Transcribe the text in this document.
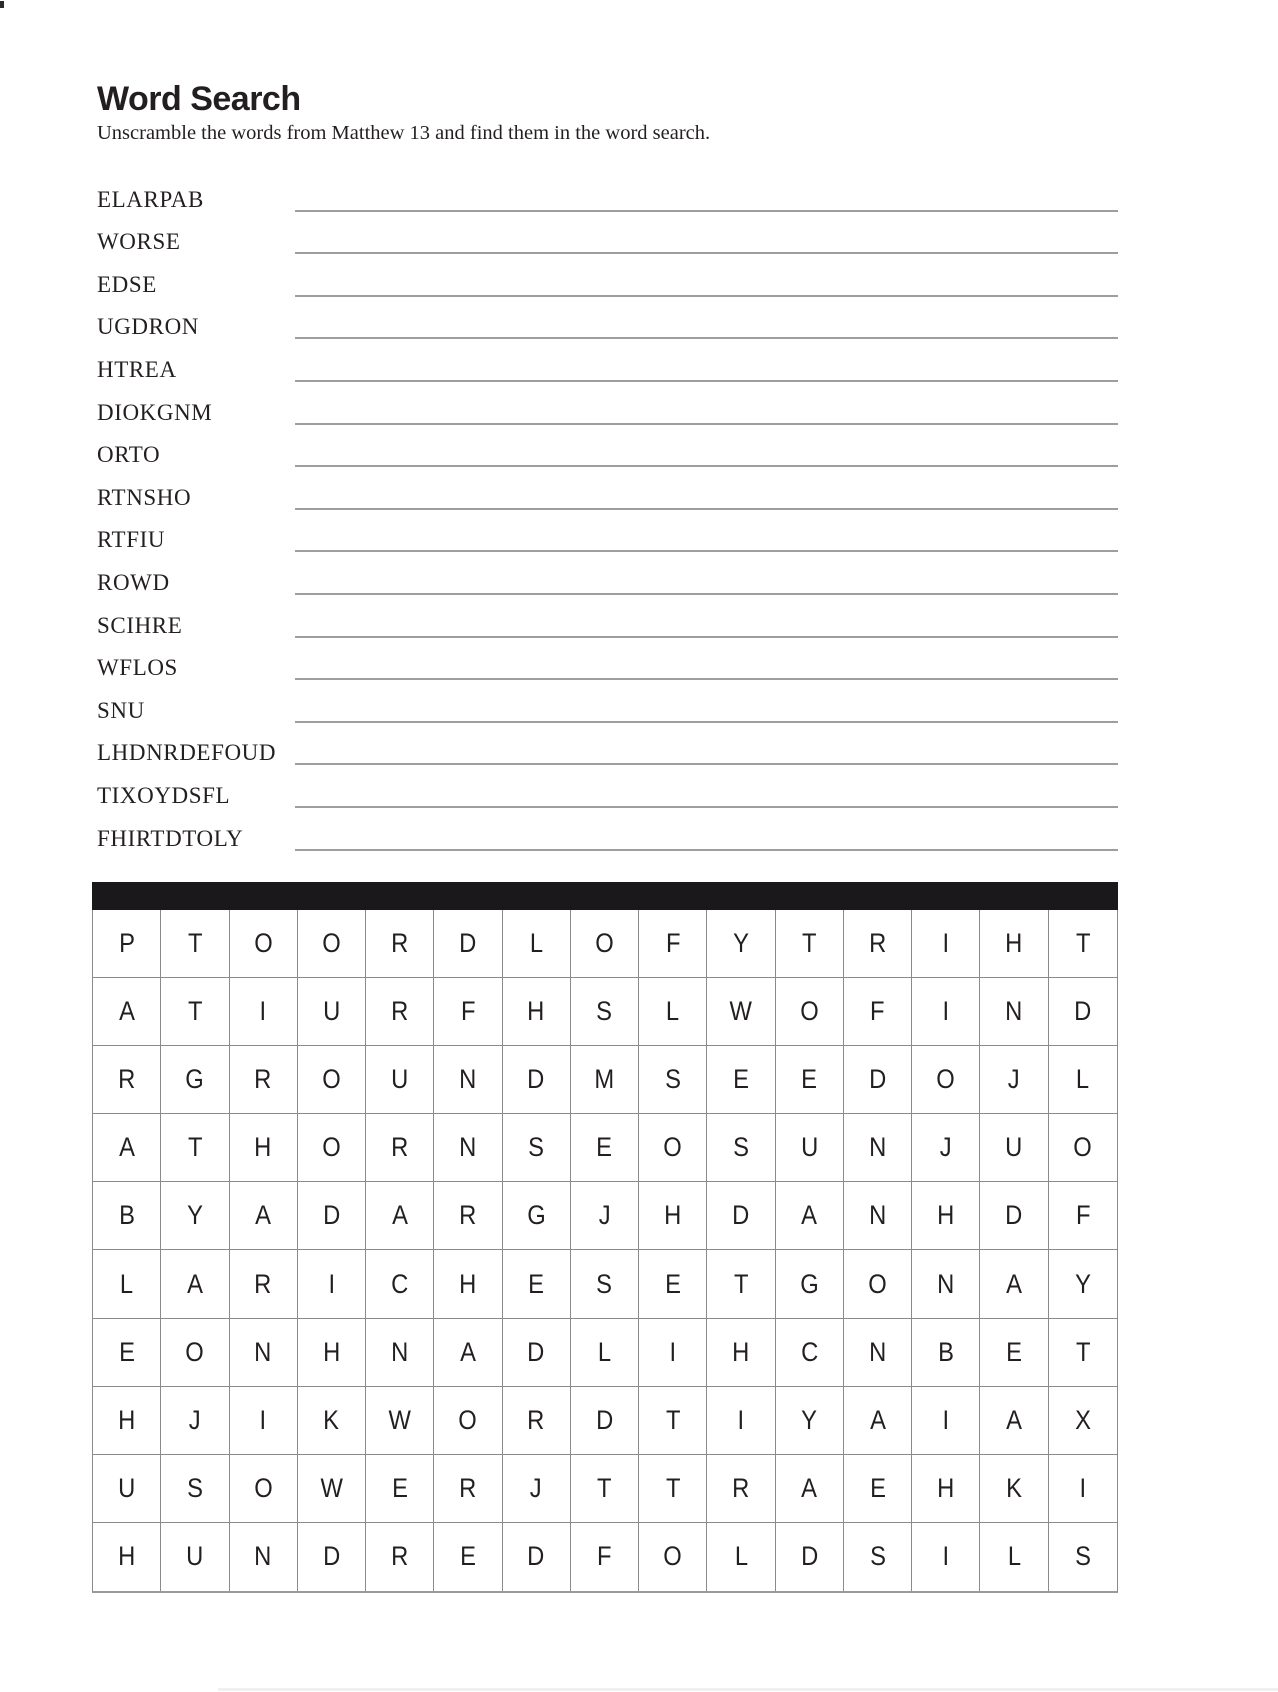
Word Search
Unscramble the words from Matthew 13 and find them in the word search.
ELARPAB
WORSE
EDSE
UGDRON
HTREA
DIOKGNM
ORTO
RTNSHO
RTFIU
ROWD
SCIHRE
WFLOS
SNU
LHDNRDEFOUD
TIXOYDSFL
FHIRTDTOLY
P T O O R D L O F Y T R I H T
A T I U R F H S L W O F I N D
R G R O U N D M S E E D O J L
A T H O R N S E O S U N J U O
B Y A D A R G J H D A N H D F
L A R I C H E S E T G O N A Y
E O N H N A D L I H C N B E T
H J I K W O R D T I Y A I A X
U S O W E R J T T R A E H K I
H U N D R E D F O L D S I L S
